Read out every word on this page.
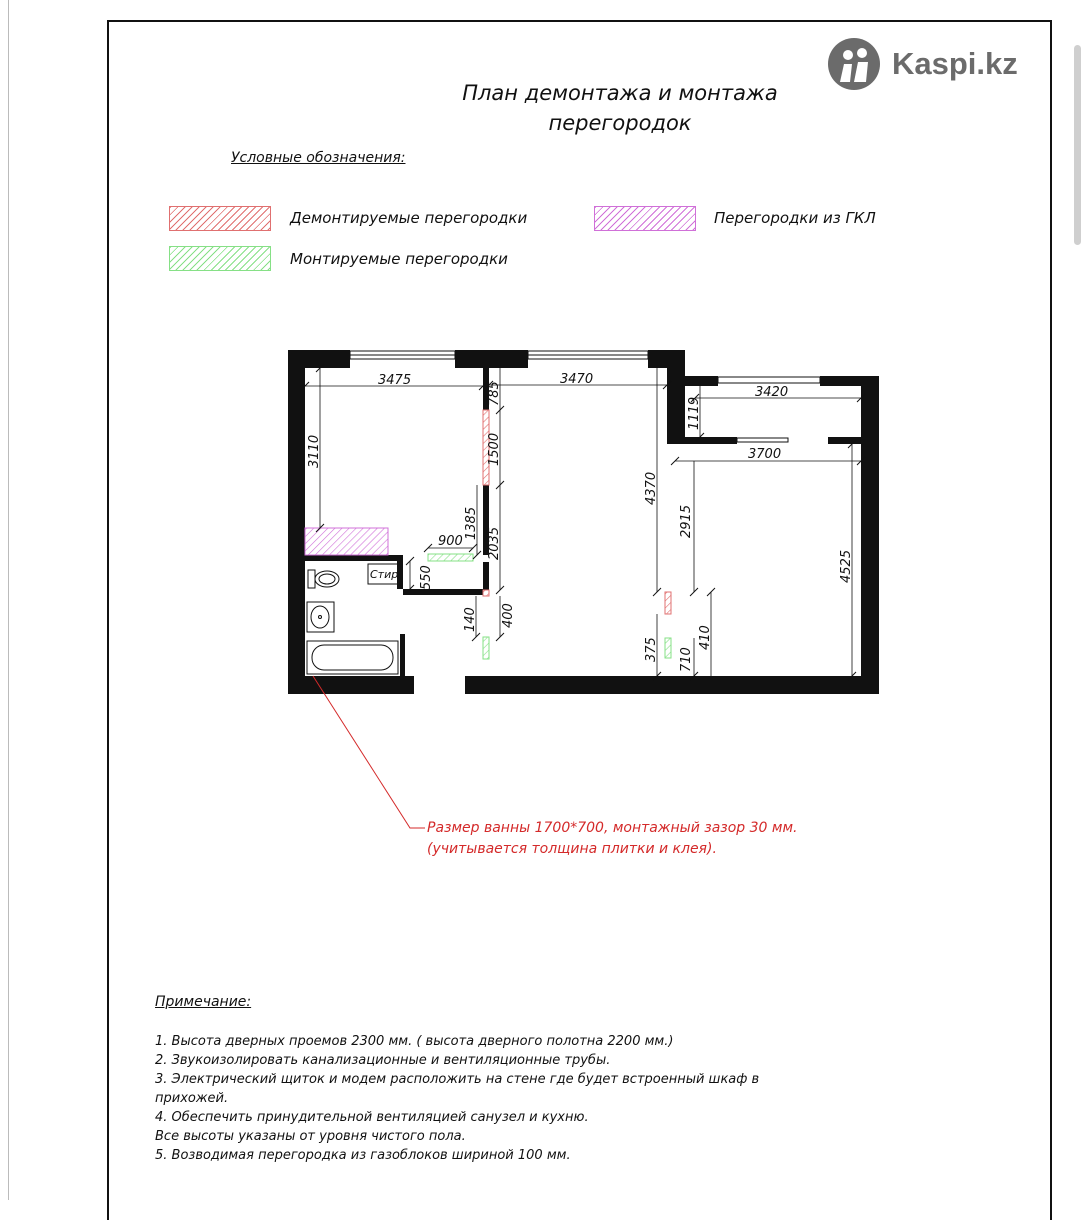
Kaspi.kz
План демонтажа и монтажа
перегородок
Условные обозначения:
Демонтируемые перегородки
Монтируемые перегородки
Перегородки из ГКЛ
Стир
3475	3470
3420
3700
900
3110
785
1500
1385
2035
550
140 400
4370
1119
2915
4525
375 710
410
Размер ванны 1700*700, монтажный зазор 30 мм.
(учитывается толщина плитки и клея).
Примечание:
1. Высота дверных проемов 2300 мм. ( высота дверного полотна 2200 мм.)
2. Звукоизолировать канализационные и вентиляционные трубы.
3. Электрический щиток и модем расположить на стене где будет встроенный шкаф в
прихожей.
4. Обеспечить принудительной вентиляцией санузел и кухню.
Все высоты указаны от уровня чистого пола.
5. Возводимая перегородка из газоблоков шириной 100 мм.
